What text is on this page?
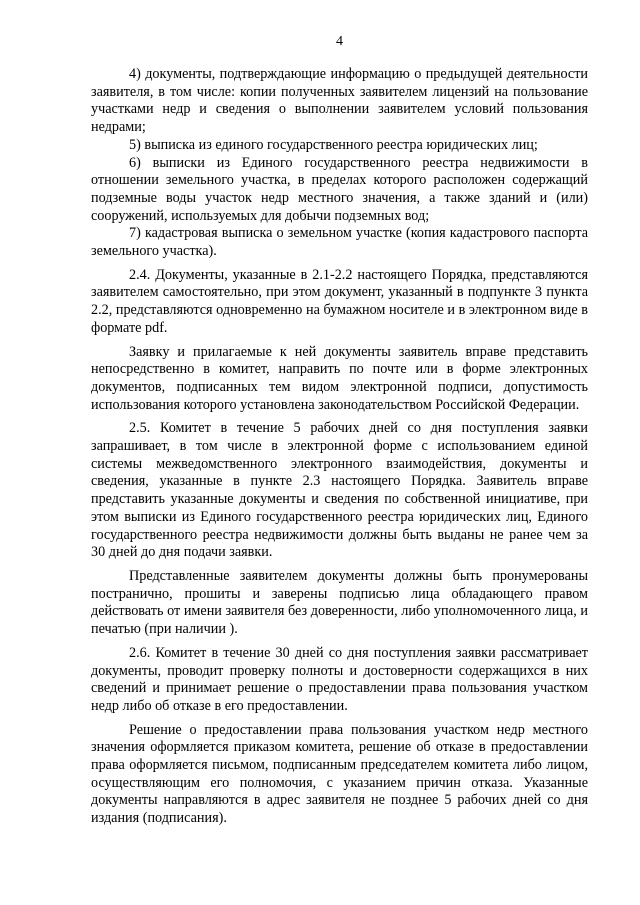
4

4) документы, подтверждающие информацию о предыдущей деятельности заявителя, в том числе: копии полученных заявителем лицензий на пользование участками недр и сведения о выполнении заявителем условий пользования недрами;

5) выписка из единого государственного реестра юридических лиц;

6) выписки из Единого государственного реестра недвижимости в отношении земельного участка, в пределах которого расположен содержащий подземные воды участок недр местного значения, а также зданий и (или) сооружений, используемых для добычи подземных вод;

7) кадастровая выписка о земельном участке (копия кадастрового паспорта земельного участка).

2.4. Документы, указанные в 2.1-2.2 настоящего Порядка, представляются заявителем самостоятельно, при этом документ, указанный в подпункте 3 пункта 2.2, представляются одновременно на бумажном носителе и в электронном виде в формате pdf.

Заявку и прилагаемые к ней документы заявитель вправе представить непосредственно в комитет, направить по почте или в форме электронных документов, подписанных тем видом электронной подписи, допустимость использования которого установлена законодательством Российской Федерации.

2.5. Комитет в течение 5 рабочих дней со дня поступления заявки запрашивает, в том числе в электронной форме с использованием единой системы межведомственного электронного взаимодействия, документы и сведения, указанные в пункте 2.3 настоящего Порядка. Заявитель вправе представить указанные документы и сведения по собственной инициативе, при этом выписки из Единого государственного реестра юридических лиц, Единого государственного реестра недвижимости должны быть выданы не ранее чем за 30 дней до дня подачи заявки.

Представленные заявителем документы должны быть пронумерованы постранично, прошиты и заверены подписью лица обладающего правом действовать от имени заявителя без доверенности, либо уполномоченного лица, и печатью (при наличии ).

2.6. Комитет в течение 30 дней со дня поступления заявки рассматривает документы, проводит проверку полноты и достоверности содержащихся в них сведений и принимает решение о предоставлении права пользования участком недр либо об отказе в его предоставлении.

Решение о предоставлении права пользования участком недр местного значения оформляется приказом комитета, решение об отказе в предоставлении права оформляется письмом, подписанным председателем комитета либо лицом, осуществляющим его полномочия, с указанием причин отказа. Указанные документы направляются в адрес заявителя не позднее 5 рабочих дней со дня издания (подписания).
